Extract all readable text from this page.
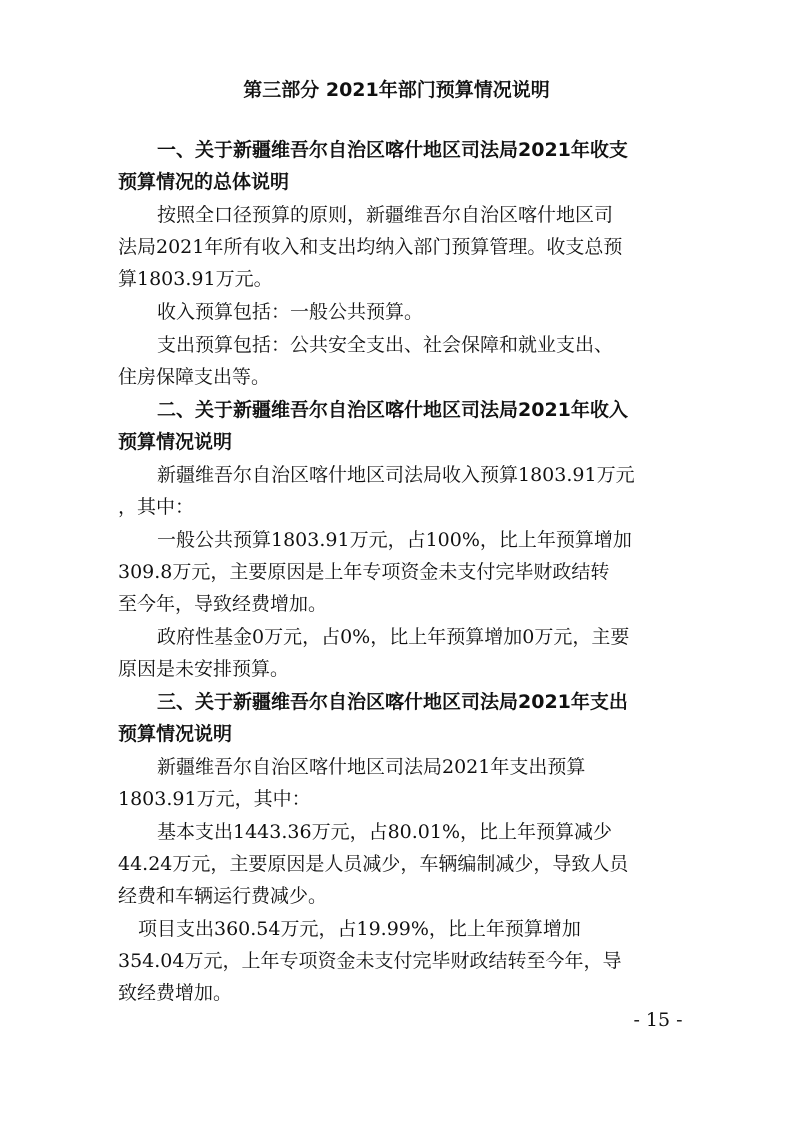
第三部分 2021年部门预算情况说明
一、关于新疆维吾尔自治区喀什地区司法局2021年收支
预算情况的总体说明
按照全口径预算的原则，新疆维吾尔自治区喀什地区司
法局2021年所有收入和支出均纳入部门预算管理。收支总预
算1803.91万元。
收入预算包括：一般公共预算。
支出预算包括：公共安全支出、社会保障和就业支出、
住房保障支出等。
二、关于新疆维吾尔自治区喀什地区司法局2021年收入
预算情况说明
新疆维吾尔自治区喀什地区司法局收入预算1803.91万元
，其中：
一般公共预算1803.91万元，占100%，比上年预算增加
309.8万元，主要原因是上年专项资金未支付完毕财政结转
至今年，导致经费增加。
政府性基金0万元，占0%，比上年预算增加0万元，主要
原因是未安排预算。
三、关于新疆维吾尔自治区喀什地区司法局2021年支出
预算情况说明
新疆维吾尔自治区喀什地区司法局2021年支出预算
1803.91万元，其中：
基本支出1443.36万元，占80.01%，比上年预算减少
44.24万元，主要原因是人员减少，车辆编制减少，导致人员
经费和车辆运行费减少。
项目支出360.54万元，占19.99%，比上年预算增加
354.04万元，上年专项资金未支付完毕财政结转至今年，导
致经费增加。
- 15 -
